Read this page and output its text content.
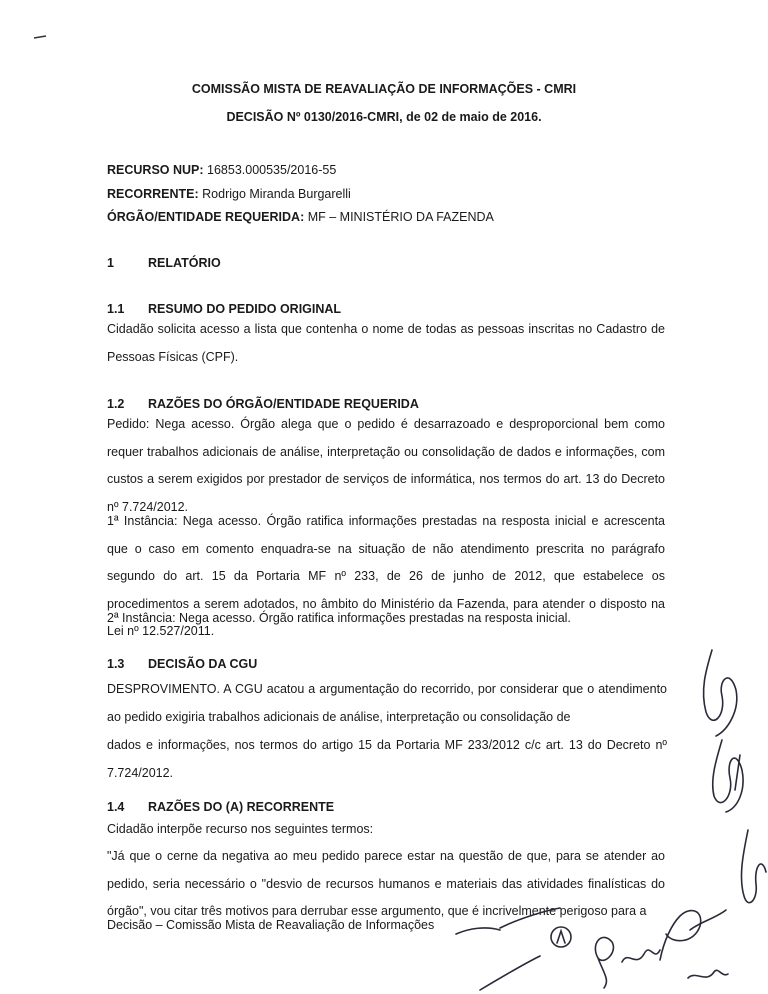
COMISSÃO MISTA DE REAVALIAÇÃO DE INFORMAÇÕES - CMRI
DECISÃO Nº 0130/2016-CMRI, de 02 de maio de 2016.
RECURSO NUP: 16853.000535/2016-55
RECORRENTE: Rodrigo Miranda Burgarelli
ÓRGÃO/ENTIDADE REQUERIDA: MF – MINISTÉRIO DA FAZENDA
1	RELATÓRIO
1.1 RESUMO DO PEDIDO ORIGINAL
Cidadão solicita acesso a lista que contenha o nome de todas as pessoas inscritas no Cadastro de Pessoas Físicas (CPF).
1.2 RAZÕES DO ÓRGÃO/ENTIDADE REQUERIDA
Pedido: Nega acesso. Órgão alega que o pedido é desarrazoado e desproporcional bem como requer trabalhos adicionais de análise, interpretação ou consolidação de dados e informações, com custos a serem exigidos por prestador de serviços de informática, nos termos do art. 13 do Decreto nº 7.724/2012.
1ª Instância: Nega acesso. Órgão ratifica informações prestadas na resposta inicial e acrescenta que o caso em comento enquadra-se na situação de não atendimento prescrita no parágrafo segundo do art. 15 da Portaria MF nº 233, de 26 de junho de 2012, que estabelece os procedimentos a serem adotados, no âmbito do Ministério da Fazenda, para atender o disposto na Lei nº 12.527/2011.
2ª Instância: Nega acesso. Órgão ratifica informações prestadas na resposta inicial.
1.3 DECISÃO DA CGU
DESPROVIMENTO. A CGU acatou a argumentação do recorrido, por considerar que o atendimento ao pedido exigiria trabalhos adicionais de análise, interpretação ou consolidação de
dados e informações, nos termos do artigo 15 da Portaria MF 233/2012 c/c art. 13 do Decreto nº 7.724/2012.
1.4 RAZÕES DO (A) RECORRENTE
Cidadão interpõe recurso nos seguintes termos:
"Já que o cerne da negativa ao meu pedido parece estar na questão de que, para se atender ao pedido, seria necessário o "desvio de recursos humanos e materiais das atividades finalísticas do órgão", vou citar três motivos para derrubar esse argumento, que é incrivelmente perigoso para a
Decisão – Comissão Mista de Reavaliação de Informações
